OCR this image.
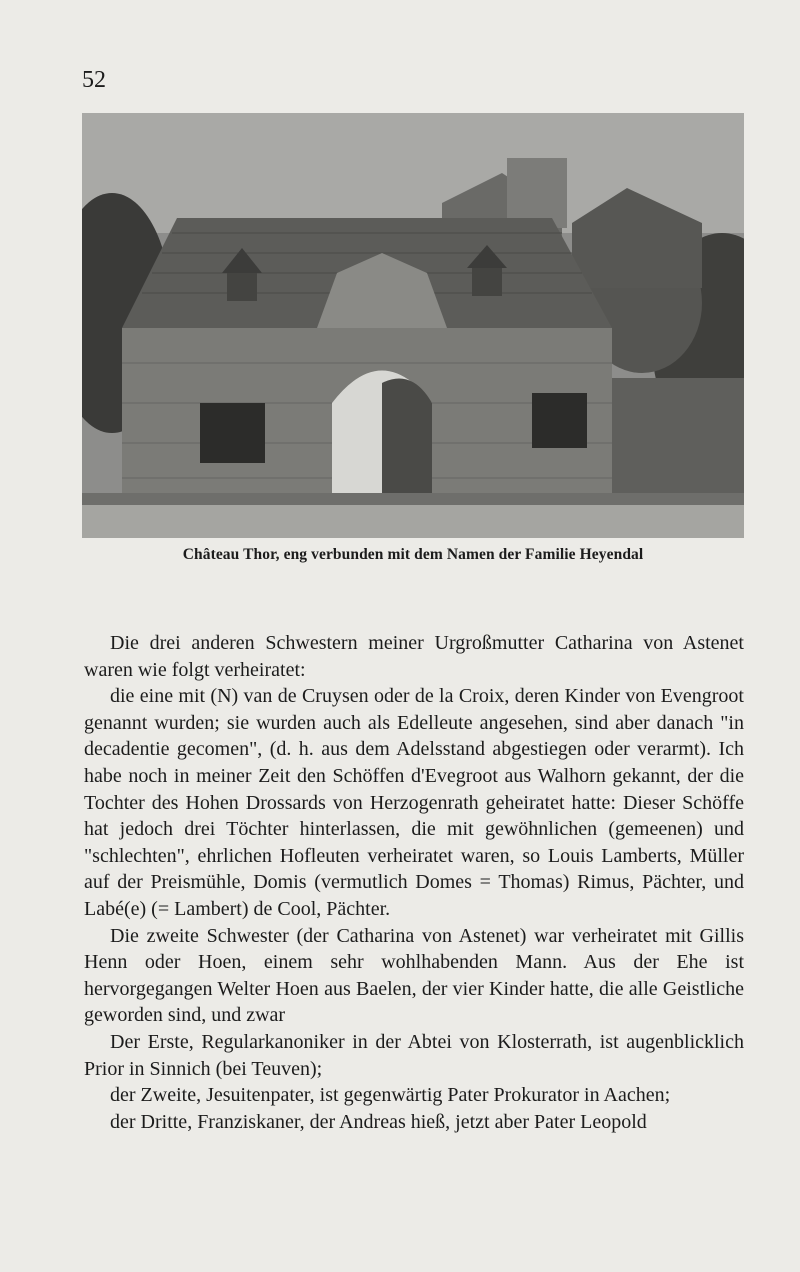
52
Château Thor, eng verbunden mit dem Namen der Familie Heyendal

Die drei anderen Schwestern meiner Urgroßmutter Catharina von Astenet waren wie folgt verheiratet:

die eine mit (N) van de Cruysen oder de la Croix, deren Kinder von Evengroot genannt wurden; sie wurden auch als Edelleute angesehen, sind aber danach "in decadentie gecomen", (d. h. aus dem Adelsstand abgestiegen oder verarmt). Ich habe noch in meiner Zeit den Schöffen d'Evegroot aus Walhorn gekannt, der die Tochter des Hohen Drossards von Herzogenrath geheiratet hatte: Dieser Schöffe hat jedoch drei Töchter hinterlassen, die mit gewöhnlichen (gemeenen) und "schlechten", ehrlichen Hofleuten verheiratet waren, so Louis Lamberts, Müller auf der Preismühle, Domis (vermutlich Domes = Thomas) Rimus, Pächter, und Labé(e) (= Lambert) de Cool, Pächter.

Die zweite Schwester (der Catharina von Astenet) war verheiratet mit Gillis Henn oder Hoen, einem sehr wohlhabenden Mann. Aus der Ehe ist hervorgegangen Welter Hoen aus Baelen, der vier Kinder hatte, die alle Geistliche geworden sind, und zwar

Der Erste, Regularkanoniker in der Abtei von Klosterrath, ist augenblicklich Prior in Sinnich (bei Teuven);

der Zweite, Jesuitenpater, ist gegenwärtig Pater Prokurator in Aachen;

der Dritte, Franziskaner, der Andreas hieß, jetzt aber Pater Leopold
